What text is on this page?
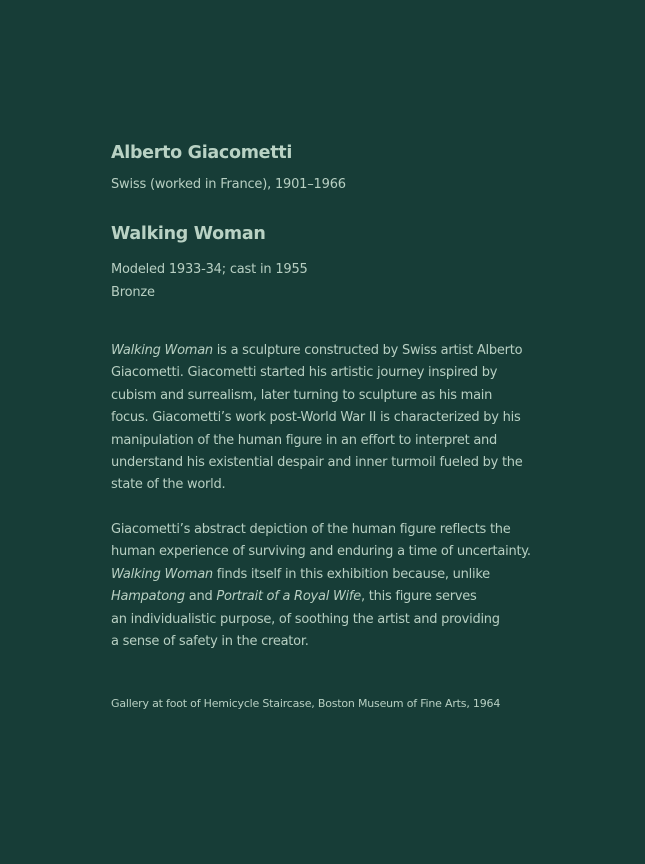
Alberto Giacometti
Swiss (worked in France), 1901–1966
Walking Woman
Modeled 1933-34; cast in 1955
Bronze
Walking Woman is a sculpture constructed by Swiss artist Alberto
Giacometti. Giacometti started his artistic journey inspired by
cubism and surrealism, later turning to sculpture as his main
focus. Giacometti’s work post-World War II is characterized by his
manipulation of the human figure in an effort to interpret and
understand his existential despair and inner turmoil fueled by the
state of the world.
Giacometti’s abstract depiction of the human figure reflects the
human experience of surviving and enduring a time of uncertainty.
Walking Woman finds itself in this exhibition because, unlike
Hampatong and Portrait of a Royal Wife, this figure serves
an individualistic purpose, of soothing the artist and providing
a sense of safety in the creator.
Gallery at foot of Hemicycle Staircase, Boston Museum of Fine Arts, 1964
